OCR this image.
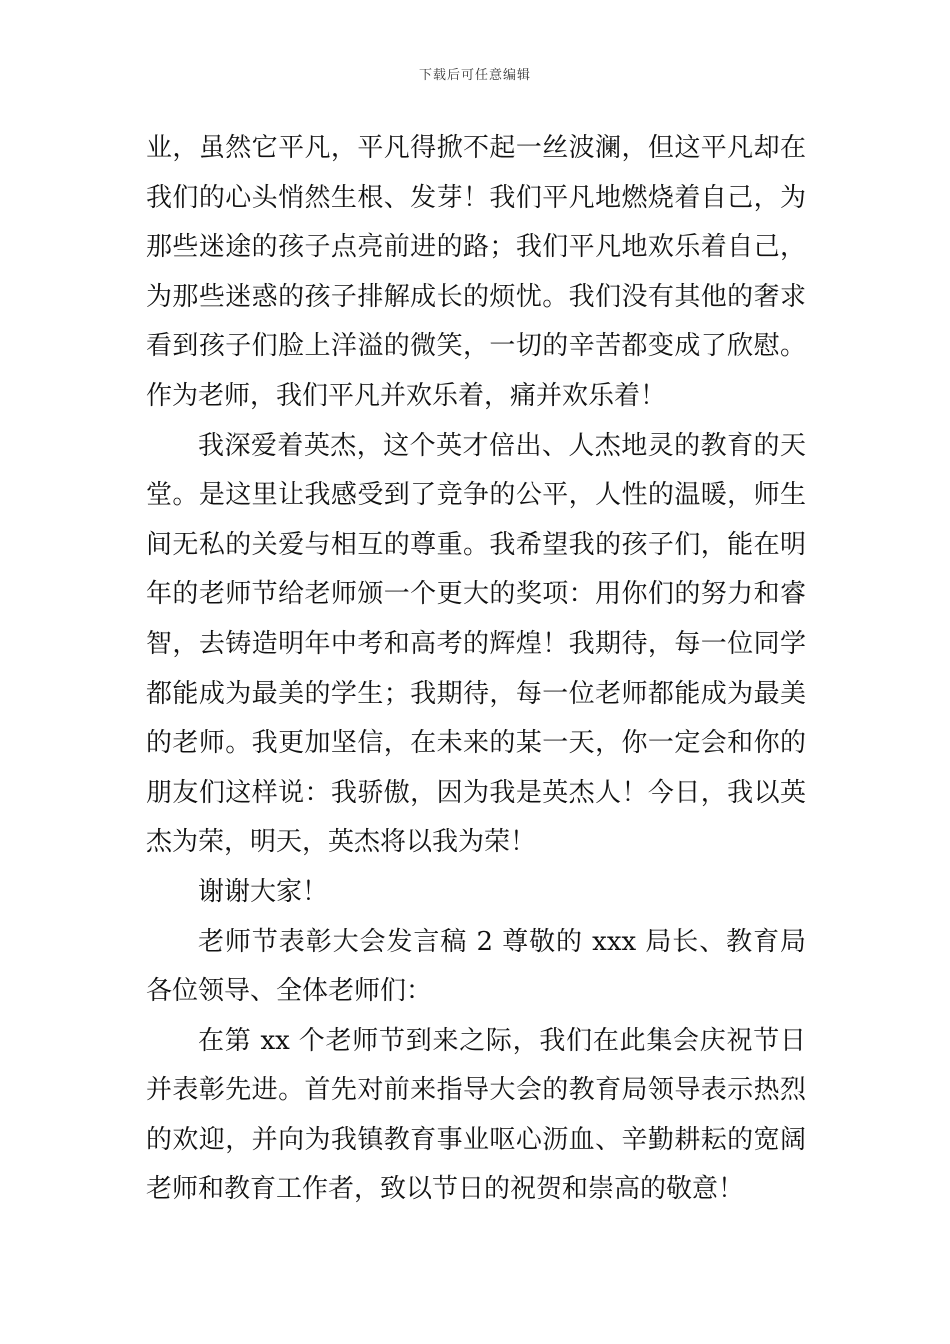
下载后可任意编辑

业，虽然它平凡，平凡得掀不起一丝波澜，但这平凡却在我们的心头悄然生根、发芽！我们平凡地燃烧着自己，为那些迷途的孩子点亮前进的路；我们平凡地欢乐着自己，为那些迷惑的孩子排解成长的烦忧。我们没有其他的奢求看到孩子们脸上洋溢的微笑，一切的辛苦都变成了欣慰。作为老师，我们平凡并欢乐着，痛并欢乐着！

我深爱着英杰，这个英才倍出、人杰地灵的教育的天堂。是这里让我感受到了竞争的公平，人性的温暖，师生间无私的关爱与相互的尊重。我希望我的孩子们，能在明年的老师节给老师颁一个更大的奖项：用你们的努力和睿智，去铸造明年中考和高考的辉煌！我期待，每一位同学都能成为最美的学生；我期待，每一位老师都能成为最美的老师。我更加坚信，在未来的某一天，你一定会和你的朋友们这样说：我骄傲，因为我是英杰人！今日，我以英杰为荣，明天，英杰将以我为荣！

谢谢大家！

老师节表彰大会发言稿 2 尊敬的 xxx 局长、教育局各位领导、全体老师们：

在第 xx 个老师节到来之际，我们在此集会庆祝节日并表彰先进。首先对前来指导大会的教育局领导表示热烈的欢迎，并向为我镇教育事业呕心沥血、辛勤耕耘的宽阔老师和教育工作者，致以节日的祝贺和崇高的敬意！
